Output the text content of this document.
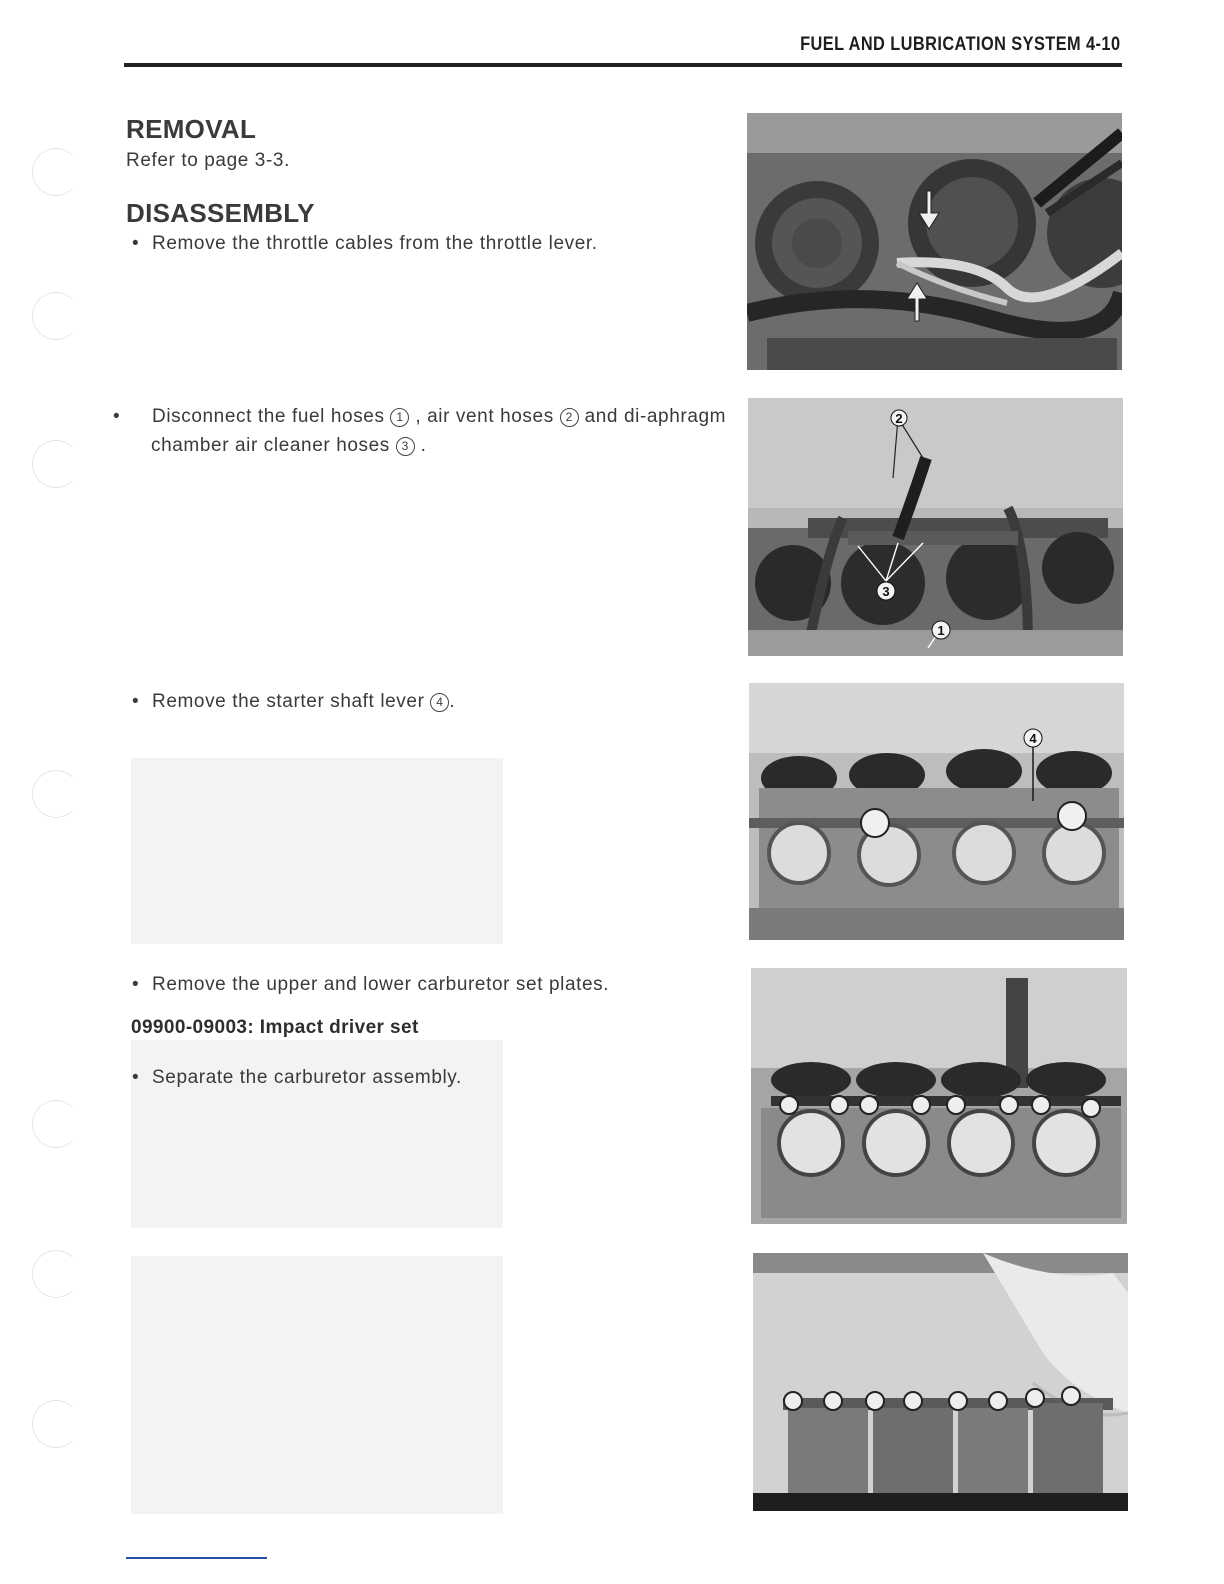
FUEL AND LUBRICATION SYSTEM 4-10
REMOVAL
Refer to page 3-3.
DISASSEMBLY
• Remove the throttle cables from the throttle lever.
• Disconnect the fuel hoses 1 , air vent hoses 2 and di-aphragm chamber air cleaner hoses 3 .
• Remove the starter shaft lever 4 .
• Remove the upper and lower carburetor set plates.
09900-09003: Impact driver set
• Separate the carburetor assembly.
2
3
1
4
